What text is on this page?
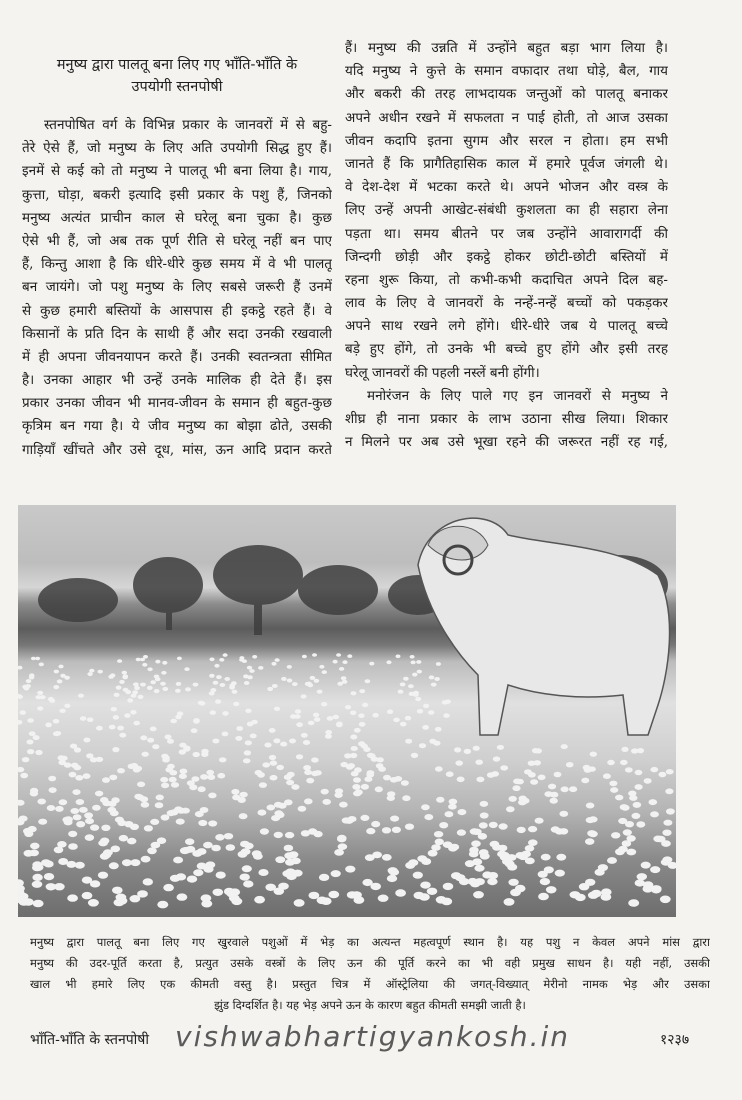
मनुष्य द्वारा पालतू बना लिए गए भाँति-भाँति के
उपयोगी स्तनपोषी
स्तनपोषित वर्ग के विभिन्न प्रकार के जानवरों में से बहु-
तेरे ऐसे हैं, जो मनुष्य के लिए अति उपयोगी सिद्ध हुए हैं।
इनमें से कई को तो मनुष्य ने पालतू भी बना लिया है। गाय,
कुत्ता, घोड़ा, बकरी इत्यादि इसी प्रकार के पशु हैं, जिनको
मनुष्य अत्यंत प्राचीन काल से घरेलू बना चुका है। कुछ
ऐसे भी हैं, जो अब तक पूर्ण रीति से घरेलू नहीं बन पाए
हैं, किन्तु आशा है कि धीरे-धीरे कुछ समय में वे भी पालतू
बन जायंगे। जो पशु मनुष्य के लिए सबसे जरूरी हैं उनमें
से कुछ हमारी बस्तियों के आसपास ही इकट्ठे रहते हैं। वे
किसानों के प्रति दिन के साथी हैं और सदा उनकी रखवाली
में ही अपना जीवनयापन करते हैं। उनकी स्वतन्त्रता सीमित
है। उनका आहार भी उन्हें उनके मालिक ही देते हैं। इस
प्रकार उनका जीवन भी मानव-जीवन के समान ही बहुत-कुछ
कृत्रिम बन गया है। ये जीव मनुष्य का बोझा ढोते, उसकी
गाड़ियाँ खींचते और उसे दूध, मांस, ऊन आदि प्रदान करते
हैं। मनुष्य की उन्नति में उन्होंने बहुत बड़ा भाग लिया है।
यदि मनुष्य ने कुत्ते के समान वफादार तथा घोड़े, बैल, गाय
और बकरी की तरह लाभदायक जन्तुओं को पालतू बनाकर
अपने अधीन रखने में सफलता न पाई होती, तो आज उसका
जीवन कदापि इतना सुगम और सरल न होता। हम सभी
जानते हैं कि प्रागैतिहासिक काल में हमारे पूर्वज जंगली थे।
वे देश-देश में भटका करते थे। अपने भोजन और वस्त्र के
लिए उन्हें अपनी आखेट-संबंधी कुशलता का ही सहारा लेना
पड़ता था। समय बीतने पर जब उन्होंने आवारागर्दी की
जिन्दगी छोड़ी और इकट्ठे होकर छोटी-छोटी बस्तियों में
रहना शुरू किया, तो कभी-कभी कदाचित अपने दिल बह-
लाव के लिए वे जानवरों के नन्हें-नन्हें बच्चों को पकड़कर
अपने साथ रखने लगे होंगे। धीरे-धीरे जब ये पालतू बच्चे
बड़े हुए होंगे, तो उनके भी बच्चे हुए होंगे और इसी तरह
घरेलू जानवरों की पहली नस्लें बनी होंगी।
मनोरंजन के लिए पाले गए इन जानवरों से मनुष्य ने
शीघ्र ही नाना प्रकार के लाभ उठाना सीख लिया। शिकार
न मिलने पर अब उसे भूखा रहने की जरूरत नहीं रह गई,
मनुष्य द्वारा पालतू बना लिए गए खुरवाले पशुओं में भेड़ का अत्यन्त महत्वपूर्ण स्थान है। यह पशु न केवल अपने मांस द्वारा
मनुष्य की उदर-पूर्ति करता है, प्रत्युत उसके वस्त्रों के लिए ऊन की पूर्ति करने का भी वही प्रमुख साधन है। यही नहीं, उसकी
खाल भी हमारे लिए एक कीमती वस्तु है। प्रस्तुत चित्र में ऑस्ट्रेलिया की जगत्-विख्यात् मेरीनो नामक भेड़ और उसका
झुंड दिग्दर्शित है। यह भेड़ अपने ऊन के कारण बहुत कीमती समझी जाती है।
भाँति-भाँति के स्तनपोषी vishwabhartigyankosh.in	१२३७
